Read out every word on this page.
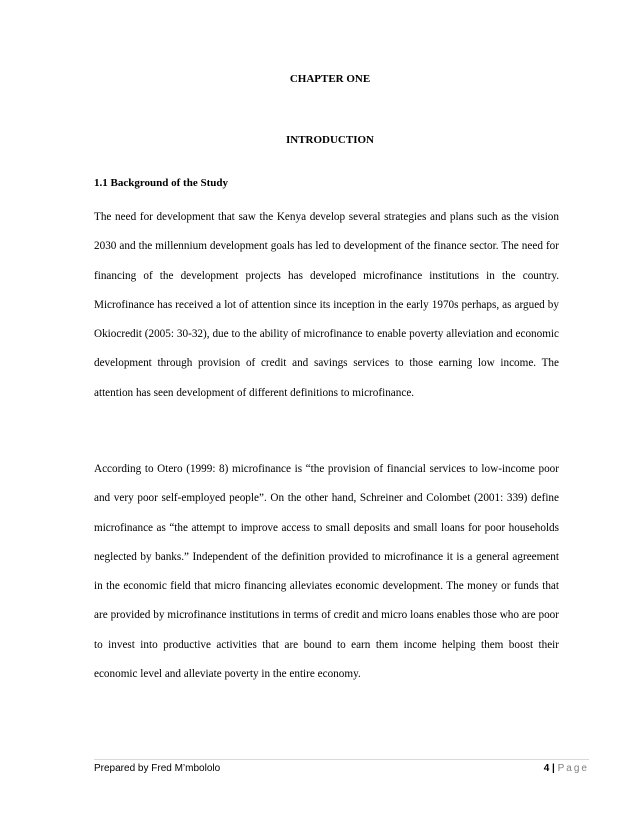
CHAPTER ONE
INTRODUCTION
1.1 Background of the Study

The need for development that saw the Kenya develop several strategies and plans such as the vision 2030 and the millennium development goals has led to development of the finance sector. The need for financing of the development projects has developed microfinance institutions in the country. Microfinance has received a lot of attention since its inception in the early 1970s perhaps, as argued by Okiocredit (2005: 30-32), due to the ability of microfinance to enable poverty alleviation and economic development through provision of credit and savings services to those earning low income. The attention has seen development of different definitions to microfinance.

According to Otero (1999: 8) microfinance is “the provision of financial services to low-income poor and very poor self-employed people”. On the other hand, Schreiner and Colombet (2001: 339) define microfinance as “the attempt to improve access to small deposits and small loans for poor households neglected by banks.” Independent of the definition provided to microfinance it is a general agreement in the economic field that micro financing alleviates economic development. The money or funds that are provided by microfinance institutions in terms of credit and micro loans enables those who are poor to invest into productive activities that are bound to earn them income helping them boost their economic level and alleviate poverty in the entire economy.

Prepared by Fred M’mbololo	4 | Page
